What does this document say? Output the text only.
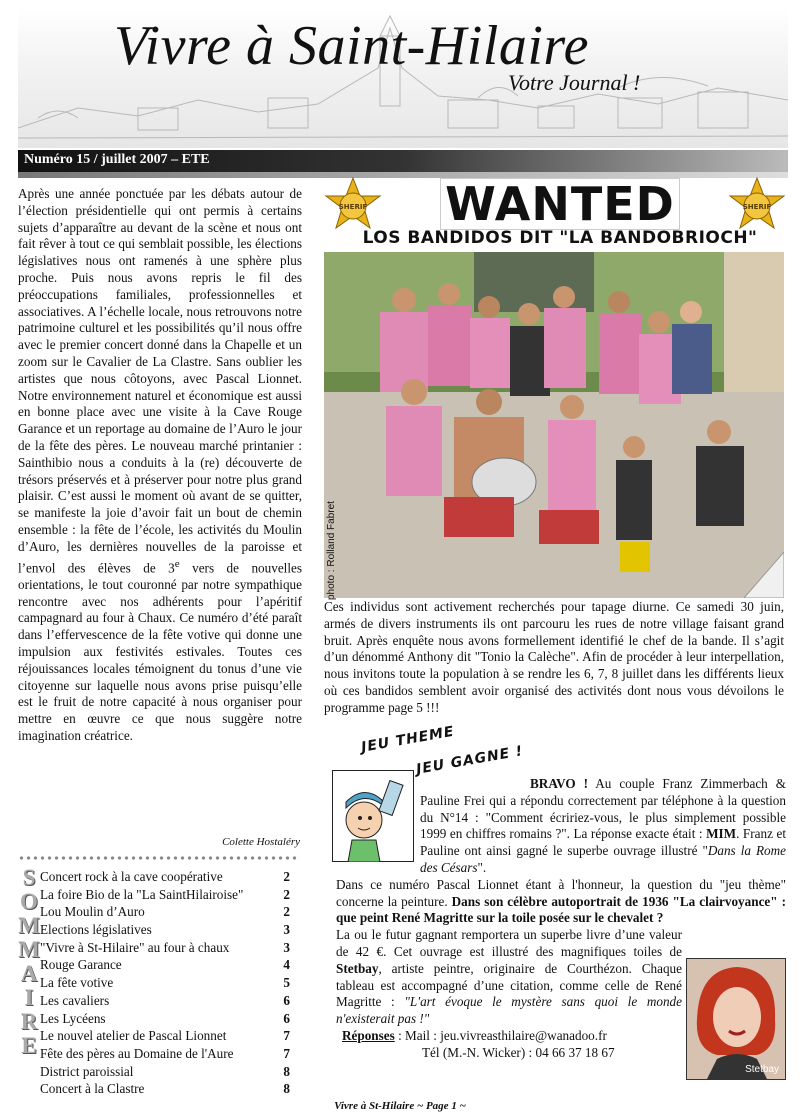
Vivre à Saint-Hilaire
Votre Journal !
Numéro 15 / juillet 2007 – ETE
Après une année ponctuée par les débats autour de l’élection présidentielle qui ont permis à certains sujets d’apparaître au devant de la scène et nous ont fait rêver à tout ce qui semblait possible, les élections législatives nous ont ramenés à une sphère plus proche. Puis nous avons repris le fil des préoccupations familiales, professionnelles et associatives. A l’échelle locale, nous retrouvons notre patrimoine culturel et les possibilités qu’il nous offre avec le premier concert donné dans la Chapelle et un zoom sur le Cavalier de La Clastre. Sans oublier les artistes que nous côtoyons, avec Pascal Lionnet. Notre environnement naturel et économique est aussi en bonne place avec une visite à la Cave Rouge Garance et un reportage au domaine de l’Auro le jour de la fête des pères. Le nouveau marché printanier : Sainthibio nous a conduits à la (re) découverte de trésors préservés et à préserver pour notre plus grand plaisir. C’est aussi le moment où avant de se quitter, se manifeste la joie d’avoir fait un bout de chemin ensemble : la fête de l’école, les activités du Moulin d’Auro, les dernières nouvelles de la paroisse et l’envol des élèves de 3e vers de nouvelles orientations, le tout couronné par notre sympathique rencontre avec nos adhérents pour l’apéritif campagnard au four à Chaux. Ce numéro d’été paraît dans l’effervescence de la fête votive qui donne une impulsion aux festivités estivales. Toutes ces réjouissances locales témoignent du tonus d’une vie citoyenne sur laquelle nous avons prise puisqu’elle est le fruit de notre capacité à nous organiser pour mettre en œuvre ce que nous suggère notre imagination créatrice.
Colette Hostaléry
S
O
M
M
A
I
R
E
Concert rock à la cave coopérative	2
La foire Bio de la "La SaintHilairoise"	2
Lou Moulin d’Auro	2
Elections législatives	3
"Vivre à St-Hilaire" au four à chaux	3
Rouge Garance	4
La fête votive	5
Les cavaliers	6
Les Lycéens	6
Le nouvel atelier de Pascal Lionnet	7
Fête des pères au Domaine de l'Aure	7
District paroissial	8
Concert à la Clastre	8
SHERIF	SHERIF
WANTED
LOS BANDIDOS DIT "LA BANDOBRIOCH"
photo : Rolland Fabret
Ces individus sont activement recherchés pour tapage diurne. Ce samedi 30 juin, armés de divers instruments ils ont parcouru les rues de notre village faisant grand bruit. Après enquête nous avons formellement identifié le chef de la bande. Il s’agit d’un dénommé Anthony dit "Tonio la Calèche". Afin de procéder à leur interpellation, nous invitons toute la population à se rendre les 6, 7, 8 juillet dans les différents lieux où ces bandidos semblent avoir organisé des activités dont nous vous dévoilons le programme page 5 !!!
JEU THEME
JEU GAGNE !

BRAVO ! Au couple Franz Zimmerbach & Pauline Frei qui a répondu correctement par téléphone à la question du N°14 : "Comment écririez-vous, le plus simplement possible 1999 en chiffres romains ?". La réponse exacte était : MIM. Franz et Pauline ont ainsi gagné le superbe ouvrage illustré "Dans la Rome des Césars".

Dans ce numéro Pascal Lionnet étant à l'honneur, la question du "jeu thème" concerne la peinture. Dans son célèbre autoportrait de 1936 "La clairvoyance" : que peint René Magritte sur la toile posée sur le chevalet ?

La ou le futur gagnant remportera un superbe livre d’une valeur de 42 €. Cet ouvrage est illustré des magnifiques toiles de Stetbay, artiste peintre, originaire de Courthézon. Chaque tableau est accompagné d’une citation, comme celle de René Magritte : "L'art évoque le mystère sans quoi le monde n'existerait pas !"

Réponses : Mail : jeu.vivreasthilaire@wanadoo.fr

Tél (M.-N. Wicker) : 04 66 37 18 67

Stetbay
Vivre à St-Hilaire ~ Page 1 ~
